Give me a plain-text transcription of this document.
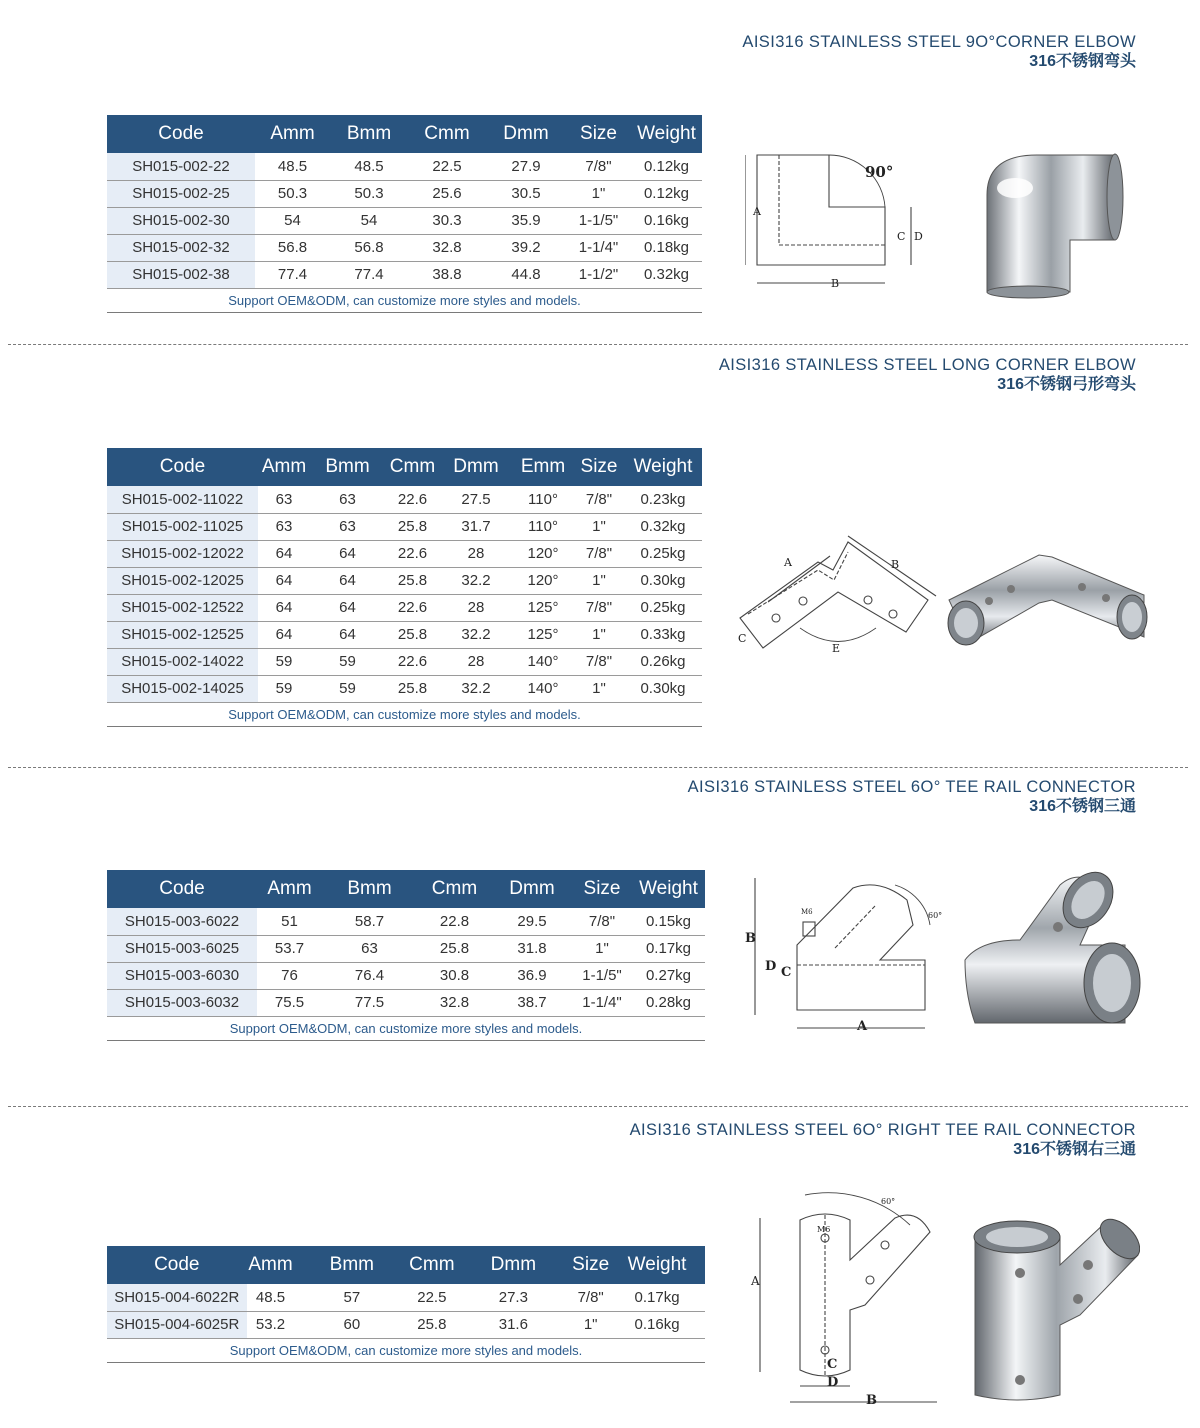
AISI316 STAINLESS STEEL 9O°CORNER ELBOW
316不锈钢弯头
Code	Amm	Bmm	Cmm	Dmm	Size	Weight
SH015-002-22	48.5	48.5	22.5	27.9	7/8"	0.12kg
SH015-002-25	50.3	50.3	25.6	30.5	1"	0.12kg
SH015-002-30	54	54	30.3	35.9	1-1/5"	0.16kg
SH015-002-32	56.8	56.8	32.8	39.2	1-1/4"	0.18kg
SH015-002-38	77.4	77.4	38.8	44.8	1-1/2"	0.32kg
Support OEM&ODM, can customize more styles and models.						
90°
A
B
C D
AISI316 STAINLESS STEEL LONG CORNER ELBOW
316不锈钢弓形弯头
Code	Amm	Bmm	Cmm	Dmm	Emm	Size	Weight
SH015-002-11022	63	63	22.6	27.5	110°	7/8"	0.23kg
SH015-002-11025	63	63	25.8	31.7	110°	1"	0.32kg
SH015-002-12022	64	64	22.6	28	120°	7/8"	0.25kg
SH015-002-12025	64	64	25.8	32.2	120°	1"	0.30kg
SH015-002-12522	64	64	22.6	28	125°	7/8"	0.25kg
SH015-002-12525	64	64	25.8	32.2	125°	1"	0.33kg
SH015-002-14022	59	59	22.6	28	140°	7/8"	0.26kg
SH015-002-14025	59	59	25.8	32.2	140°	1"	0.30kg
Support OEM&ODM, can customize more styles and models.							
A	B
C
E
AISI316 STAINLESS STEEL 6O° TEE RAIL CONNECTOR
316不锈钢三通
Code	Amm	Bmm	Cmm	Dmm	Size	Weight
SH015-003-6022	51	58.7	22.8	29.5	7/8"	0.15kg
SH015-003-6025	53.7	63	25.8	31.8	1"	0.17kg
SH015-003-6030	76	76.4	30.8	36.9	1-1/5"	0.27kg
SH015-003-6032	75.5	77.5	32.8	38.7	1-1/4"	0.28kg
Support OEM&ODM, can customize more styles and models.						
60°
M6
B
D C
A
AISI316 STAINLESS STEEL 6O° RIGHT TEE RAIL CONNECTOR
316不锈钢右三通
Code	Amm	Bmm	Cmm	Dmm	Size	Weight
SH015-004-6022R	48.5	57	22.5	27.3	7/8"	0.17kg
SH015-004-6025R	53.2	60	25.8	31.6	1"	0.16kg
Support OEM&ODM, can customize more styles and models.						
60°
M6
A
C
D
B
